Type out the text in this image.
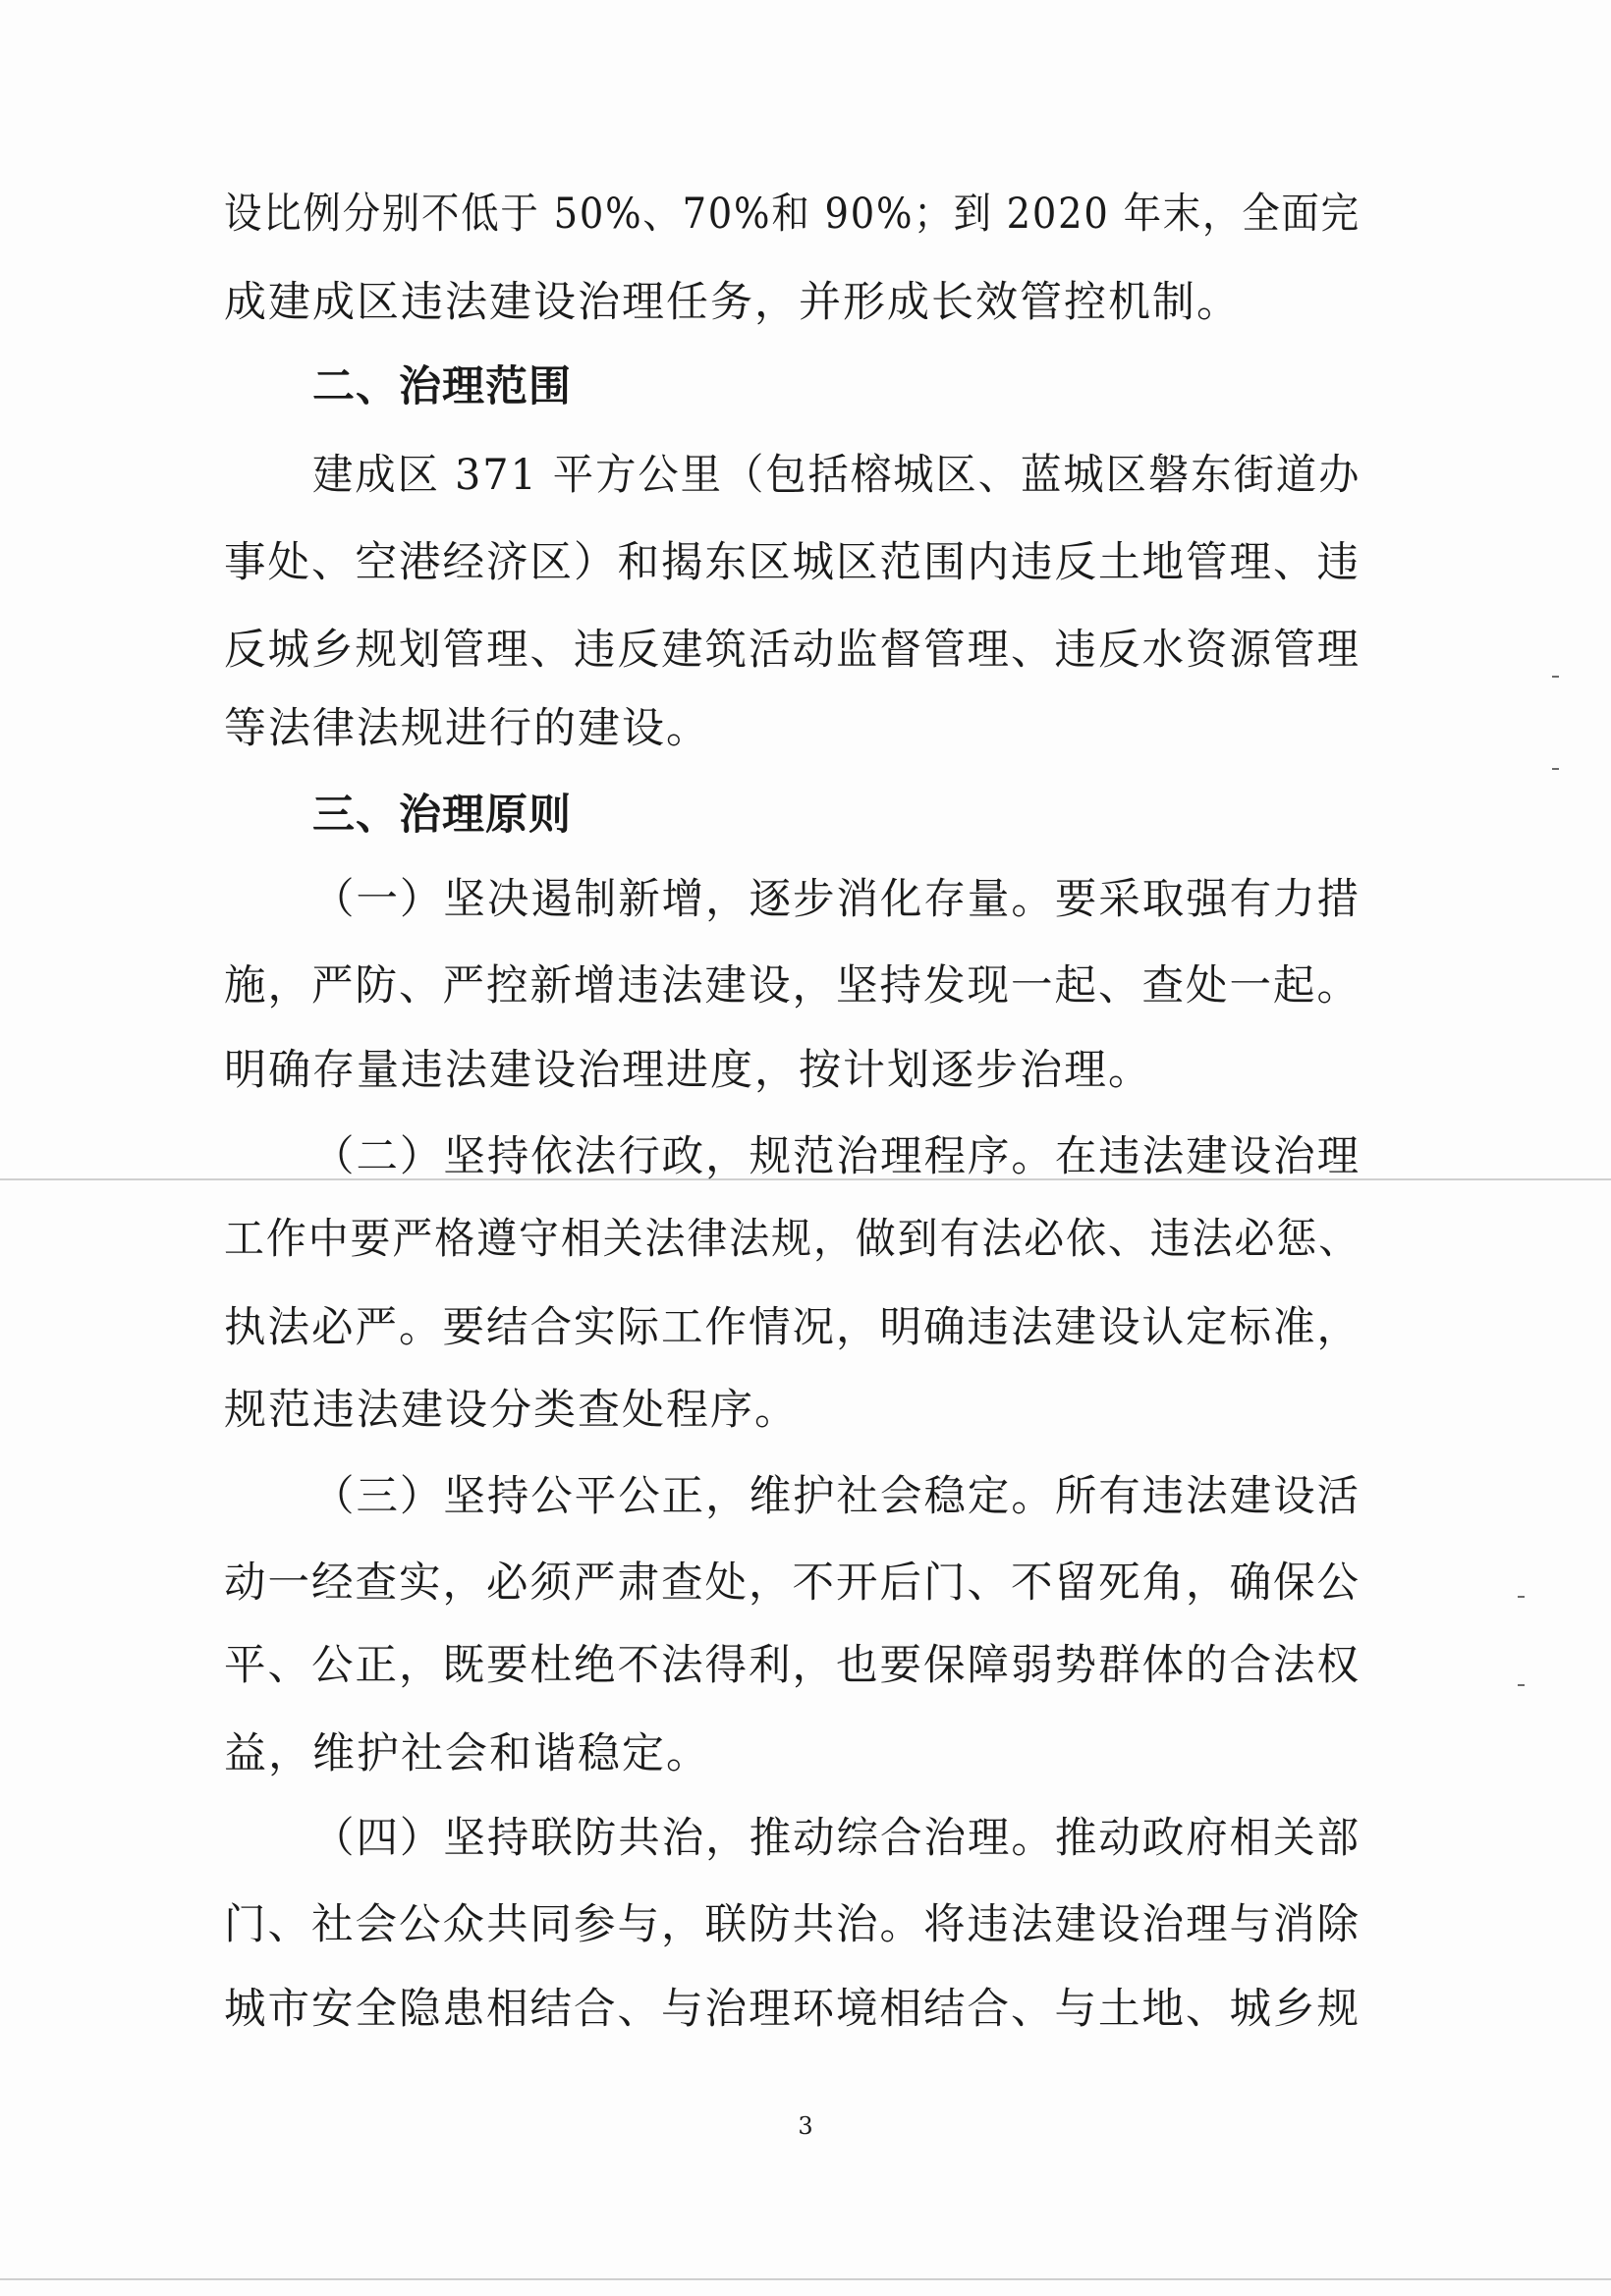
设比例分别不低于 50%、70%和 90%；到 2020 年末，全面完
成建成区违法建设治理任务，并形成长效管控机制。
二、治理范围
建成区 371 平方公里（包括榕城区、蓝城区磐东街道办
事处、空港经济区）和揭东区城区范围内违反土地管理、违
反城乡规划管理、违反建筑活动监督管理、违反水资源管理
等法律法规进行的建设。
三、治理原则
（一）坚决遏制新增，逐步消化存量。要采取强有力措
施，严防、严控新增违法建设，坚持发现一起、查处一起。
明确存量违法建设治理进度，按计划逐步治理。
（二）坚持依法行政，规范治理程序。在违法建设治理
工作中要严格遵守相关法律法规，做到有法必依、违法必惩、
执法必严。要结合实际工作情况，明确违法建设认定标准，
规范违法建设分类查处程序。
（三）坚持公平公正，维护社会稳定。所有违法建设活
动一经查实，必须严肃查处，不开后门、不留死角，确保公
平、公正，既要杜绝不法得利，也要保障弱势群体的合法权
益，维护社会和谐稳定。
（四）坚持联防共治，推动综合治理。推动政府相关部
门、社会公众共同参与，联防共治。将违法建设治理与消除
城市安全隐患相结合、与治理环境相结合、与土地、城乡规
3
